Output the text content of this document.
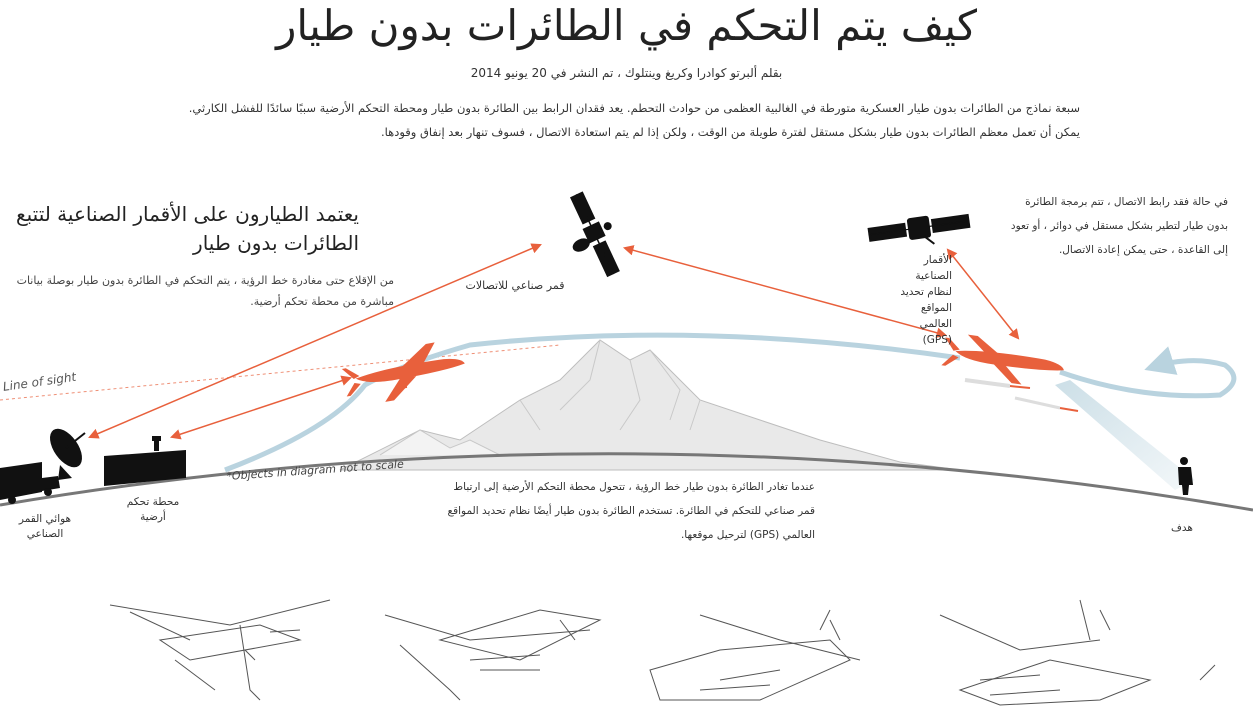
كيف يتم التحكم في الطائرات بدون طيار
بقلم ألبرتو كوادرا وكريغ وينتلوك ، تم النشر في 20 يونيو 2014
سبعة نماذج من الطائرات بدون طيار العسكرية متورطة في الغالبية العظمى من حوادث التحطم. يعد فقدان الرابط بين الطائرة بدون طيار ومحطة التحكم الأرضية سببًا سائدًا للفشل الكارثي. يمكن أن تعمل معظم الطائرات بدون طيار بشكل مستقل لفترة طويلة من الوقت ، ولكن إذا لم يتم استعادة الاتصال ، فسوف تنهار بعد إنفاق وقودها.
يعتمد الطيارون على الأقمار الصناعية لتتبع الطائرات بدون طيار
من الإقلاع حتى مغادرة خط الرؤية ، يتم التحكم في الطائرة بدون طيار بوصلة بيانات مباشرة من محطة تحكم أرضية.
في حالة فقد رابط الاتصال ، تتم برمجة الطائرة بدون طيار لتطير بشكل مستقل في دوائر ، أو تعود إلى القاعدة ، حتى يمكن إعادة الاتصال.
الأقمار الصناعية لنظام تحديد المواقع العالمي (GPS)
قمر صناعي للاتصالات
Line of sight
*Objects in diagram not to scale
عندما تغادر الطائرة بدون طيار خط الرؤية ، تتحول محطة التحكم الأرضية إلى ارتباط قمر صناعي للتحكم في الطائرة. تستخدم الطائرة بدون طيار أيضًا نظام تحديد المواقع العالمي (GPS) لترحيل موقعها.
هوائي القمر الصناعي
محطة تحكم أرضية
هدف
